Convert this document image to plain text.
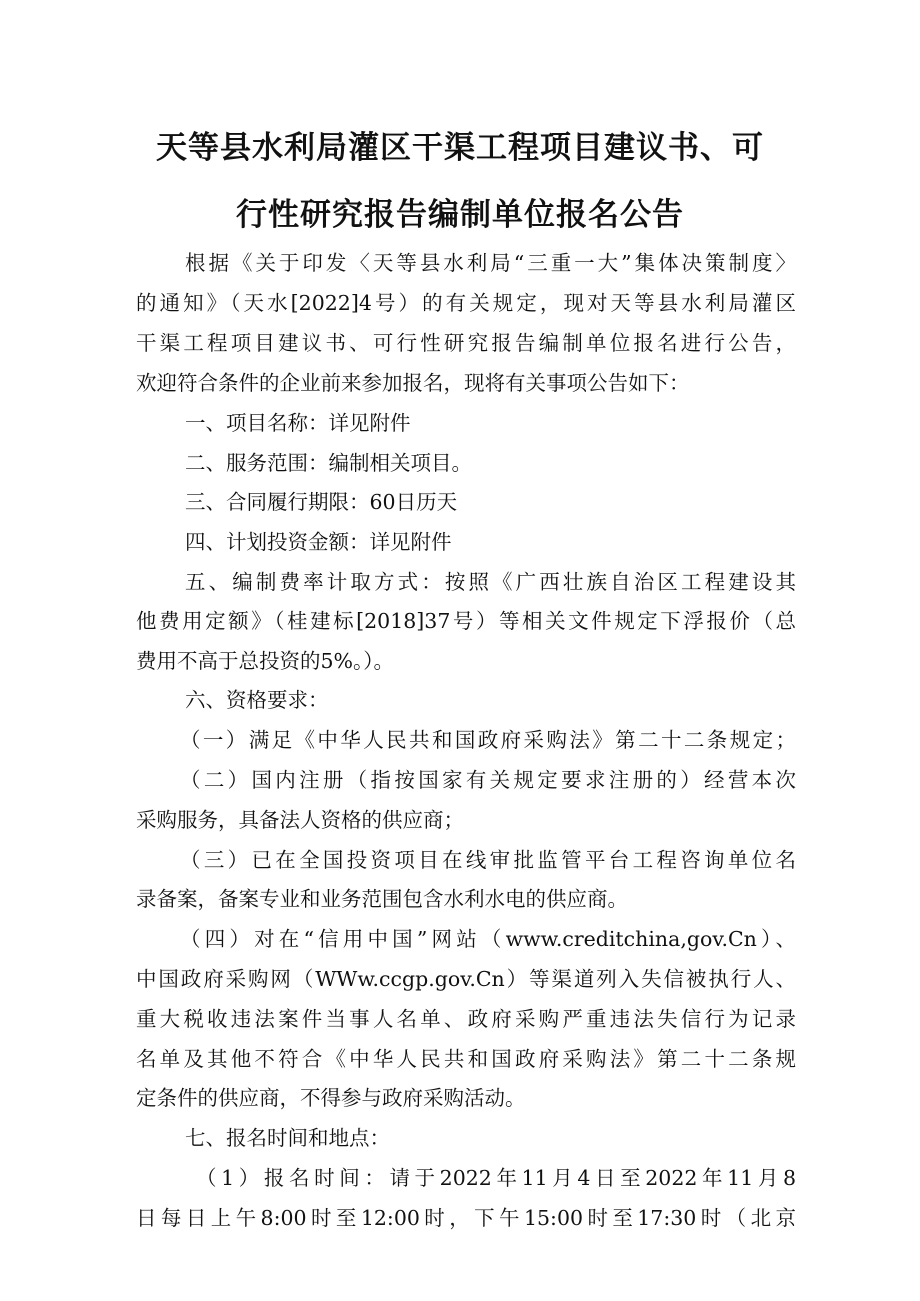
天等县水利局灌区干渠工程项目建议书、可
行性研究报告编制单位报名公告
根据《关于印发〈天等县水利局“三重一大”集体决策制度〉
的通知》（天水[2022]4号）的有关规定，现对天等县水利局灌区
干渠工程项目建议书、可行性研究报告编制单位报名进行公告，
欢迎符合条件的企业前来参加报名，现将有关事项公告如下：
一、项目名称：详见附件
二、服务范围：编制相关项目。
三、合同履行期限：60日历天
四、计划投资金额：详见附件
五、编制费率计取方式：按照《广西壮族自治区工程建设其
他费用定额》（桂建标[2018]37号）等相关文件规定下浮报价（总
费用不高于总投资的5%。）。
六、资格要求：
（一）满足《中华人民共和国政府采购法》第二十二条规定；
（二）国内注册（指按国家有关规定要求注册的）经营本次
采购服务，具备法人资格的供应商；
（三）已在全国投资项目在线审批监管平台工程咨询单位名
录备案，备案专业和业务范围包含水利水电的供应商。
（四）对在“信用中国”网站（www.creditchina,gov.Cn）、
中国政府采购网（WWw.ccgp.gov.Cn）等渠道列入失信被执行人、
重大税收违法案件当事人名单、政府采购严重违法失信行为记录
名单及其他不符合《中华人民共和国政府采购法》第二十二条规
定条件的供应商，不得参与政府采购活动。
七、报名时间和地点：
（1）报名时间：请于2022年11月4日至2022年11月8
日每日上午8:00时至12:00时，下午15:00时至17:30时（北京
